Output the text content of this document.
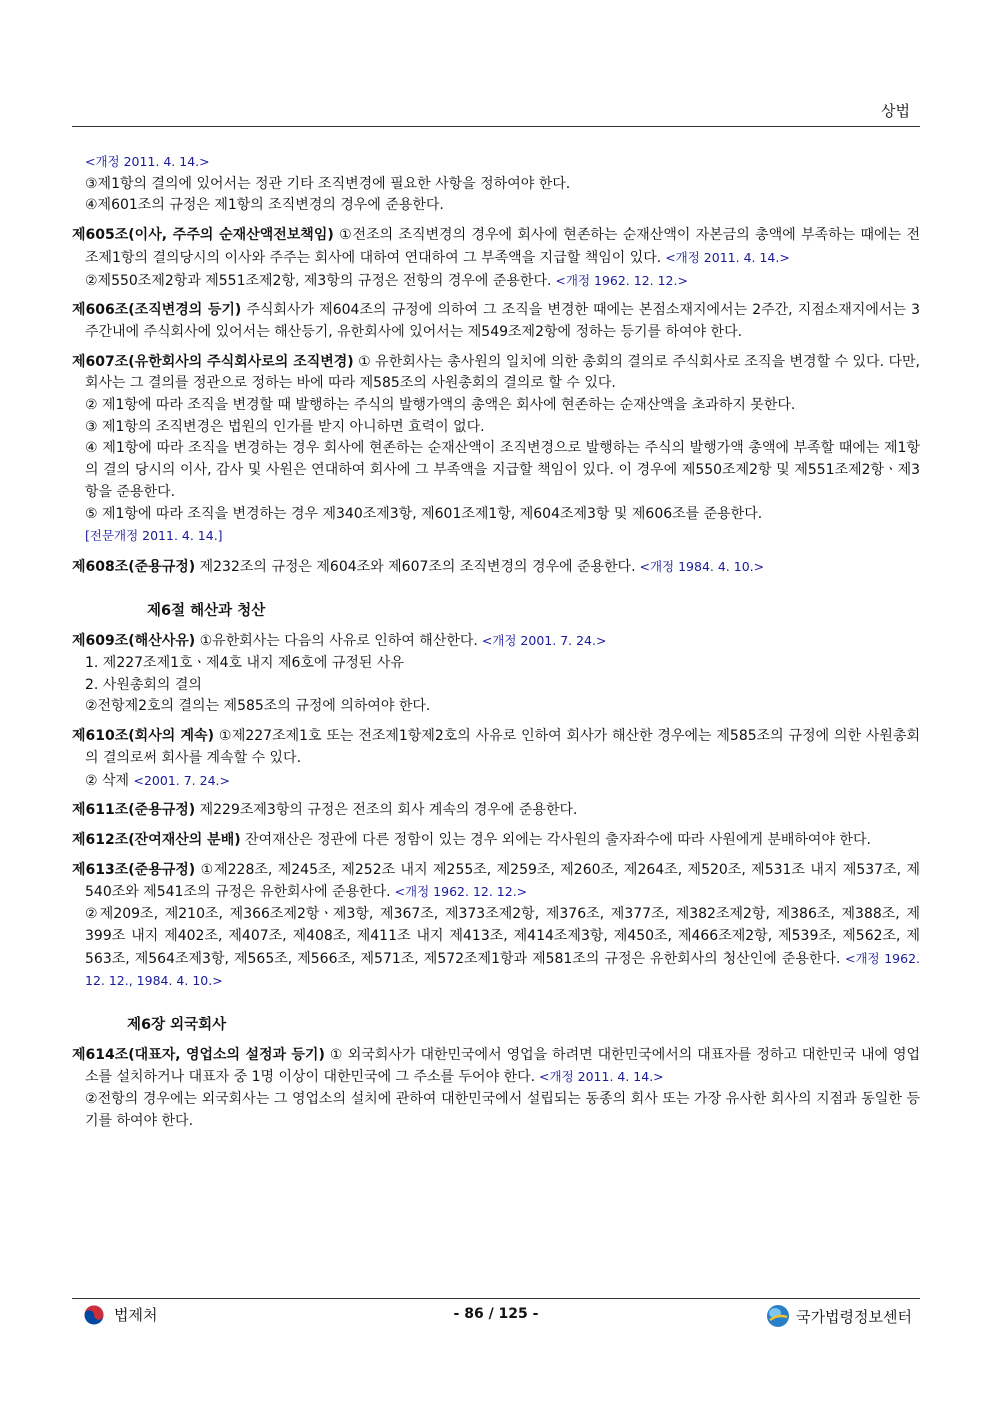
상법
<개정 2011. 4. 14.>
③제1항의 결의에 있어서는 정관 기타 조직변경에 필요한 사항을 정하여야 한다.
④제601조의 규정은 제1항의 조직변경의 경우에 준용한다.
제605조(이사, 주주의 순재산액전보책임) ①전조의 조직변경의 경우에 회사에 현존하는 순재산액이 자본금의 총액에 부족하는 때에는 전조제1항의 결의당시의 이사와 주주는 회사에 대하여 연대하여 그 부족액을 지급할 책임이 있다. <개정 2011. 4. 14.>
②제550조제2항과 제551조제2항, 제3항의 규정은 전항의 경우에 준용한다. <개정 1962. 12. 12.>
제606조(조직변경의 등기) 주식회사가 제604조의 규정에 의하여 그 조직을 변경한 때에는 본점소재지에서는 2주간, 지점소재지에서는 3주간내에 주식회사에 있어서는 해산등기, 유한회사에 있어서는 제549조제2항에 정하는 등기를 하여야 한다.
제607조(유한회사의 주식회사로의 조직변경) ① 유한회사는 총사원의 일치에 의한 총회의 결의로 주식회사로 조직을 변경할 수 있다. 다만, 회사는 그 결의를 정관으로 정하는 바에 따라 제585조의 사원총회의 결의로 할 수 있다.
② 제1항에 따라 조직을 변경할 때 발행하는 주식의 발행가액의 총액은 회사에 현존하는 순재산액을 초과하지 못한다.
③ 제1항의 조직변경은 법원의 인가를 받지 아니하면 효력이 없다.
④ 제1항에 따라 조직을 변경하는 경우 회사에 현존하는 순재산액이 조직변경으로 발행하는 주식의 발행가액 총액에 부족할 때에는 제1항의 결의 당시의 이사, 감사 및 사원은 연대하여 회사에 그 부족액을 지급할 책임이 있다. 이 경우에 제550조제2항 및 제551조제2항ㆍ제3항을 준용한다.
⑤ 제1항에 따라 조직을 변경하는 경우 제340조제3항, 제601조제1항, 제604조제3항 및 제606조를 준용한다.
[전문개정 2011. 4. 14.]
제608조(준용규정) 제232조의 규정은 제604조와 제607조의 조직변경의 경우에 준용한다. <개정 1984. 4. 10.>
제6절 해산과 청산
제609조(해산사유) ①유한회사는 다음의 사유로 인하여 해산한다. <개정 2001. 7. 24.>
1. 제227조제1호ㆍ제4호 내지 제6호에 규정된 사유
2. 사원총회의 결의
②전항제2호의 결의는 제585조의 규정에 의하여야 한다.
제610조(회사의 계속) ①제227조제1호 또는 전조제1항제2호의 사유로 인하여 회사가 해산한 경우에는 제585조의 규정에 의한 사원총회의 결의로써 회사를 계속할 수 있다.
② 삭제 <2001. 7. 24.>
제611조(준용규정) 제229조제3항의 규정은 전조의 회사 계속의 경우에 준용한다.
제612조(잔여재산의 분배) 잔여재산은 정관에 다른 정함이 있는 경우 외에는 각사원의 출자좌수에 따라 사원에게 분배하여야 한다.
제613조(준용규정) ①제228조, 제245조, 제252조 내지 제255조, 제259조, 제260조, 제264조, 제520조, 제531조 내지 제537조, 제540조와 제541조의 규정은 유한회사에 준용한다. <개정 1962. 12. 12.>
②제209조, 제210조, 제366조제2항ㆍ제3항, 제367조, 제373조제2항, 제376조, 제377조, 제382조제2항, 제386조, 제388조, 제399조 내지 제402조, 제407조, 제408조, 제411조 내지 제413조, 제414조제3항, 제450조, 제466조제2항, 제539조, 제562조, 제563조, 제564조제3항, 제565조, 제566조, 제571조, 제572조제1항과 제581조의 규정은 유한회사의 청산인에 준용한다. <개정 1962. 12. 12., 1984. 4. 10.>
제6장 외국회사
제614조(대표자, 영업소의 설정과 등기) ① 외국회사가 대한민국에서 영업을 하려면 대한민국에서의 대표자를 정하고 대한민국 내에 영업소를 설치하거나 대표자 중 1명 이상이 대한민국에 그 주소를 두어야 한다. <개정 2011. 4. 14.>
②전항의 경우에는 외국회사는 그 영업소의 설치에 관하여 대한민국에서 설립되는 동종의 회사 또는 가장 유사한 회사의 지점과 동일한 등기를 하여야 한다.
법제처	- 86 / 125 -	국가법령정보센터
